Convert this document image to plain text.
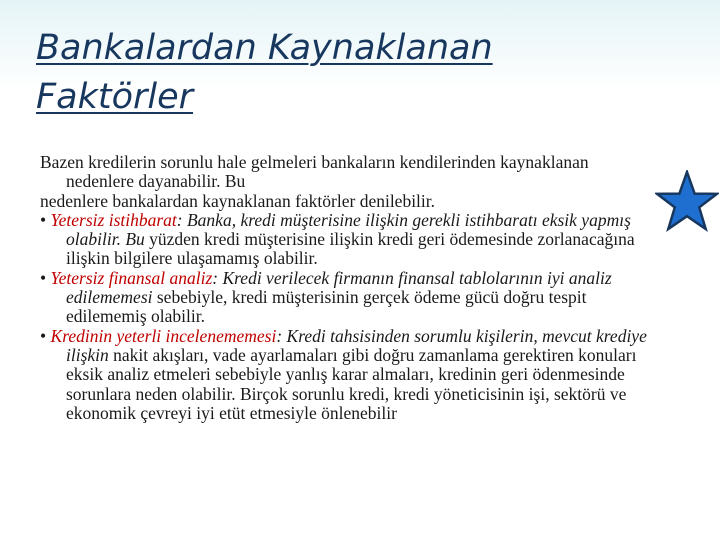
Bankalardan Kaynaklanan Faktörler

Bazen kredilerin sorunlu hale gelmeleri bankaların kendilerinden kaynaklanan nedenlere dayanabilir. Bu

nedenlere bankalardan kaynaklanan faktörler denilebilir.

• Yetersiz istihbarat: Banka, kredi müşterisine ilişkin gerekli istihbaratı eksik yapmış olabilir. Bu yüzden kredi müşterisine ilişkin kredi geri ödemesinde zorlanacağına ilişkin bilgilere ulaşamamış olabilir.

• Yetersiz finansal analiz: Kredi verilecek firmanın finansal tablolarının iyi analiz edilememesi sebebiyle, kredi müşterisinin gerçek ödeme gücü doğru tespit edilememiş olabilir.

• Kredinin yeterli incelenememesi: Kredi tahsisinden sorumlu kişilerin, mevcut krediye ilişkin nakit akışları, vade ayarlamaları gibi doğru zamanlama gerektiren konuları eksik analiz etmeleri sebebiyle yanlış karar almaları, kredinin geri ödenmesinde sorunlara neden olabilir. Birçok sorunlu kredi, kredi yöneticisinin işi, sektörü ve ekonomik çevreyi iyi etüt etmesiyle önlenebilir
